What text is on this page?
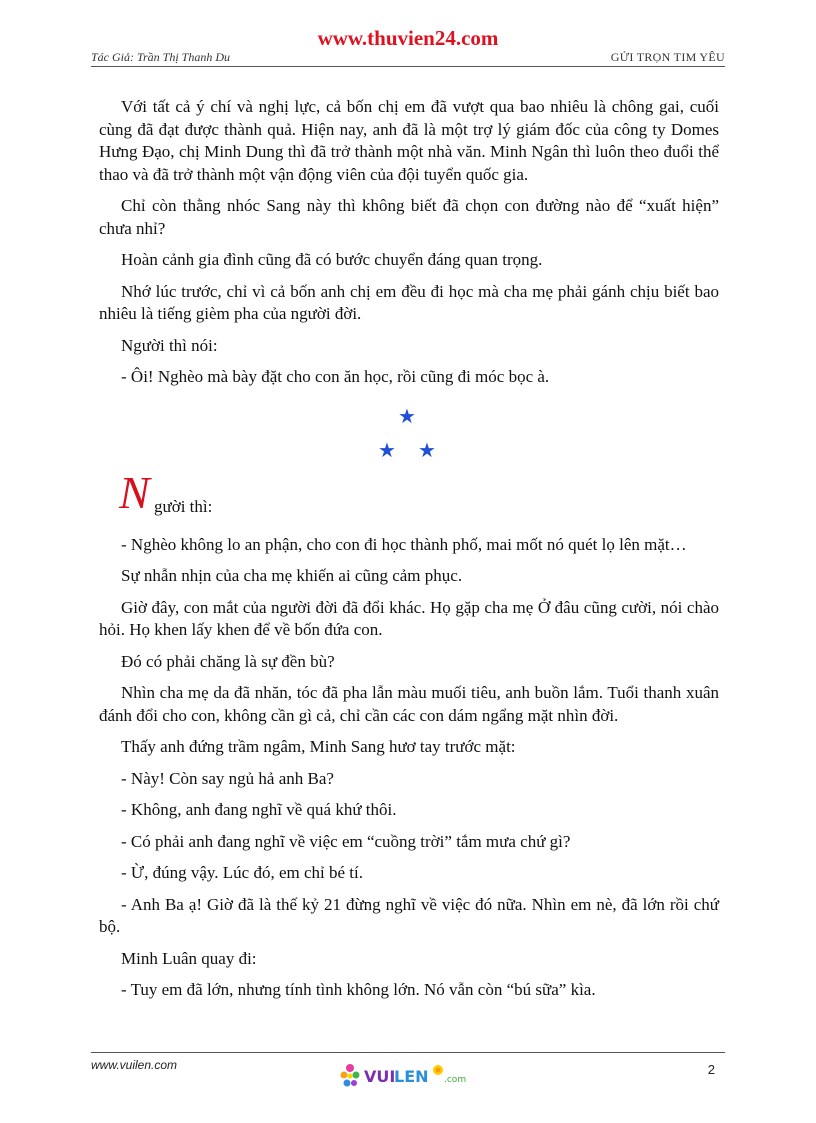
www.thuvien24.com
Tác Giả: Trần Thị Thanh Du	GỬI TRỌN TIM YÊU

Với tất cả ý chí và nghị lực, cả bốn chị em đã vượt qua bao nhiêu là chông gai, cuối cùng đã đạt được thành quả. Hiện nay, anh đã là một trợ lý giám đốc của công ty Domes Hưng Đạo, chị Minh Dung thì đã trở thành một nhà văn. Minh Ngân thì luôn theo đuổi thể thao và đã trở thành một vận động viên của đội tuyển quốc gia.

Chỉ còn thằng nhóc Sang này thì không biết đã chọn con đường nào để “xuất hiện” chưa nhỉ?

Hoàn cảnh gia đình cũng đã có bước chuyển đáng quan trọng.

Nhớ lúc trước, chỉ vì cả bốn anh chị em đều đi học mà cha mẹ phải gánh chịu biết bao nhiêu là tiếng gièm pha của người đời.

Người thì nói:

- Ôi! Nghèo mà bày đặt cho con ăn học, rồi cũng đi móc bọc à.

★
★ ★
N gười thì:

- Nghèo không lo an phận, cho con đi học thành phố, mai mốt nó quét lọ lên mặt…

Sự nhẫn nhịn của cha mẹ khiến ai cũng cảm phục.

Giờ đây, con mắt của người đời đã đổi khác. Họ gặp cha mẹ Ở đâu cũng cười, nói chào hỏi. Họ khen lấy khen để về bốn đứa con.

Đó có phải chăng là sự đền bù?

Nhìn cha mẹ da đã nhăn, tóc đã pha lẫn màu muối tiêu, anh buồn lắm. Tuổi thanh xuân đánh đổi cho con, không cần gì cả, chỉ cần các con dám ngẩng mặt nhìn đời.

Thấy anh đứng trầm ngâm, Minh Sang hươ tay trước mặt:

- Này! Còn say ngủ hả anh Ba?

- Không, anh đang nghĩ về quá khứ thôi.

- Có phải anh đang nghĩ về việc em “cuồng trời” tắm mưa chứ gì?

- Ừ, đúng vậy. Lúc đó, em chỉ bé tí.

- Anh Ba ạ! Giờ đã là thế kỷ 21 đừng nghĩ về việc đó nữa. Nhìn em nè, đã lớn rồi chứ bộ.

Minh Luân quay đi:

- Tuy em đã lớn, nhưng tính tình không lớn. Nó vẫn còn “bú sữa” kìa.

www.vuilen.com
VUI
LEN .com
2
